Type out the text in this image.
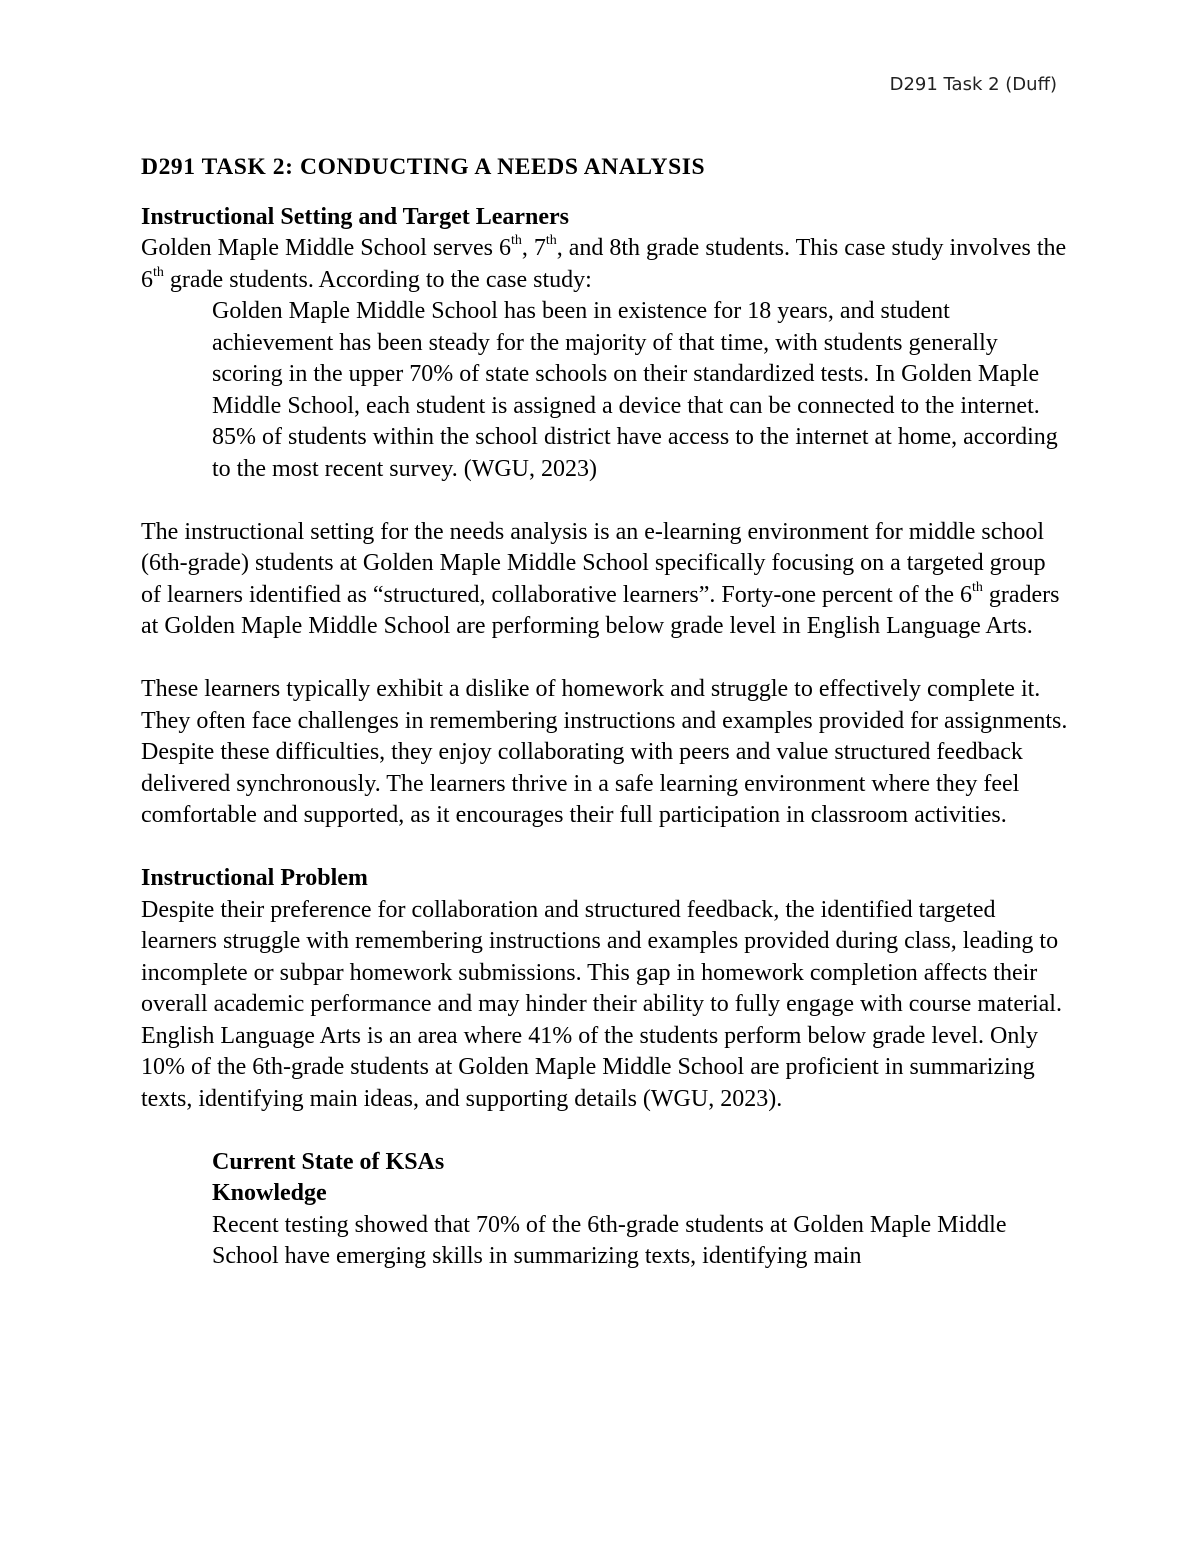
D291 Task 2 (Duff)
D291 TASK 2: CONDUCTING A NEEDS ANALYSIS
Instructional Setting and Target Learners

Golden Maple Middle School serves 6th, 7th, and 8th grade students. This case study involves the 6th grade students. According to the case study:

Golden Maple Middle School has been in existence for 18 years, and student achievement has been steady for the majority of that time, with students generally scoring in the upper 70% of state schools on their standardized tests. In Golden Maple Middle School, each student is assigned a device that can be connected to the internet. 85% of students within the school district have access to the internet at home, according to the most recent survey. (WGU, 2023)

The instructional setting for the needs analysis is an e-learning environment for middle school (6th-grade) students at Golden Maple Middle School specifically focusing on a targeted group of learners identified as “structured, collaborative learners”. Forty-one percent of the 6th graders at Golden Maple Middle School are performing below grade level in English Language Arts.

These learners typically exhibit a dislike of homework and struggle to effectively complete it. They often face challenges in remembering instructions and examples provided for assignments. Despite these difficulties, they enjoy collaborating with peers and value structured feedback delivered synchronously. The learners thrive in a safe learning environment where they feel comfortable and supported, as it encourages their full participation in classroom activities.

Instructional Problem

Despite their preference for collaboration and structured feedback, the identified targeted learners struggle with remembering instructions and examples provided during class, leading to incomplete or subpar homework submissions. This gap in homework completion affects their overall academic performance and may hinder their ability to fully engage with course material. English Language Arts is an area where 41% of the students perform below grade level. Only 10% of the 6th-grade students at Golden Maple Middle School are proficient in summarizing texts, identifying main ideas, and supporting details (WGU, 2023).

Current State of KSAs
Knowledge

Recent testing showed that 70% of the 6th-grade students at Golden Maple Middle School have emerging skills in summarizing texts, identifying main
